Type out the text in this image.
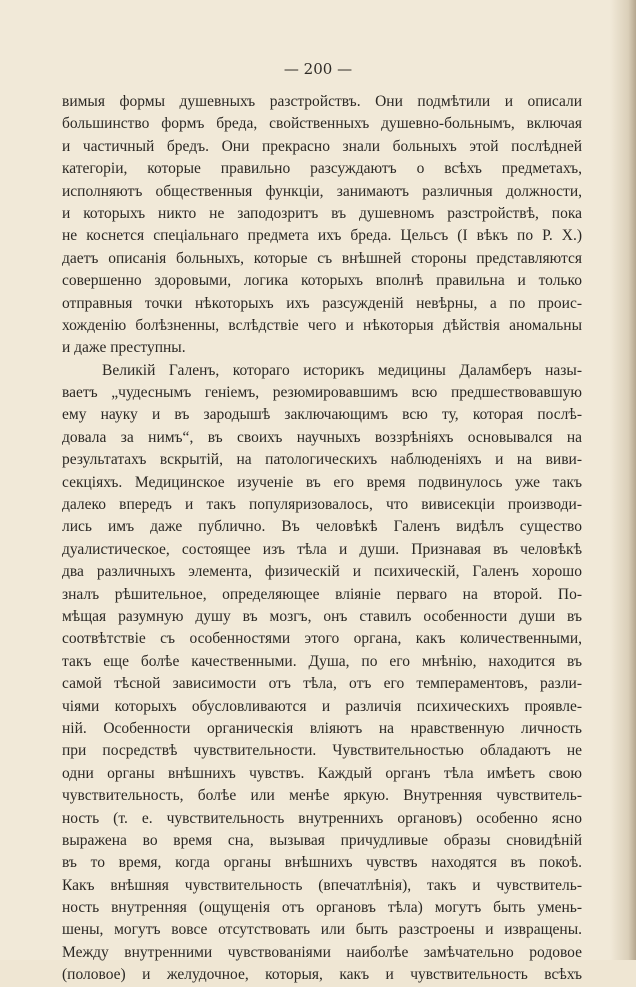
— 200 —
вимыя формы душевныхъ разстройствъ. Они подмѣтили и описали
большинство формъ бреда, свойственныхъ душевно-больнымъ, включая
и частичный бредъ. Они прекрасно знали больныхъ этой послѣдней
категоріи, которые правильно разсуждаютъ о всѣхъ предметахъ,
исполняютъ общественныя функціи, занимаютъ различныя должности,
и которыхъ никто не заподозритъ въ душевномъ разстройствѣ, пока
не коснется спеціальнаго предмета ихъ бреда. Цельсъ (I вѣкъ по Р. Х.)
даетъ описанія больныхъ, которые съ внѣшней стороны представляются
совершенно здоровыми, логика которыхъ вполнѣ правильна и только
отправныя точки нѣкоторыхъ ихъ разсужденій невѣрны, а по проис-
хожденію болѣзненны, вслѣдствіе чего и нѣкоторыя дѣйствія аномальны
и даже преступны.
Великій Галенъ, котораго историкъ медицины Даламберъ назы-
ваетъ „чудеснымъ геніемъ, резюмировавшимъ всю предшествовавшую
ему науку и въ зародышѣ заключающимъ всю ту, которая послѣ-
довала за нимъ“, въ своихъ научныхъ воззрѣніяхъ основывался на
результатахъ вскрытій, на патологическихъ наблюденіяхъ и на виви-
секціяхъ. Медицинское изученіе въ его время подвинулось уже такъ
далеко впередъ и такъ популяризовалось, что вивисекціи производи-
лись имъ даже публично. Въ человѣкѣ Галенъ видѣлъ существо
дуалистическое, состоящее изъ тѣла и души. Признавая въ человѣкѣ
два различныхъ элемента, физическій и психическій, Галенъ хорошо
зналъ рѣшительное, определяющее вліяніе перваго на второй. По-
мѣщая разумную душу въ мозгъ, онъ ставилъ особенности души въ
соотвѣтствіе съ особенностями этого органа, какъ количественными,
такъ еще болѣе качественными. Душа, по его мнѣнію, находится въ
самой тѣсной зависимости отъ тѣла, отъ его темпераментовъ, разли-
чіями которыхъ обусловливаются и различія психическихъ проявле-
ній. Особенности органическія вліяютъ на нравственную личность
при посредствѣ чувствительности. Чувствительностью обладаютъ не
одни органы внѣшнихъ чувствъ. Каждый органъ тѣла имѣетъ свою
чувствительность, болѣе или менѣе яркую. Внутренняя чувствитель-
ность (т. е. чувствительность внутреннихъ органовъ) особенно ясно
выражена во время сна, вызывая причудливые образы сновидѣній
въ то время, когда органы внѣшнихъ чувствъ находятся въ покоѣ.
Какъ внѣшняя чувствительность (впечатлѣнія), такъ и чувствитель-
ность внутренняя (ощущенія отъ органовъ тѣла) могутъ быть умень-
шены, могутъ вовсе отсутствовать или быть разстроены и извращены.
Между внутренними чувствованіями наиболѣе замѣчательно родовое
(половое) и желудочное, которыя, какъ и чувствительность всѣхъ
